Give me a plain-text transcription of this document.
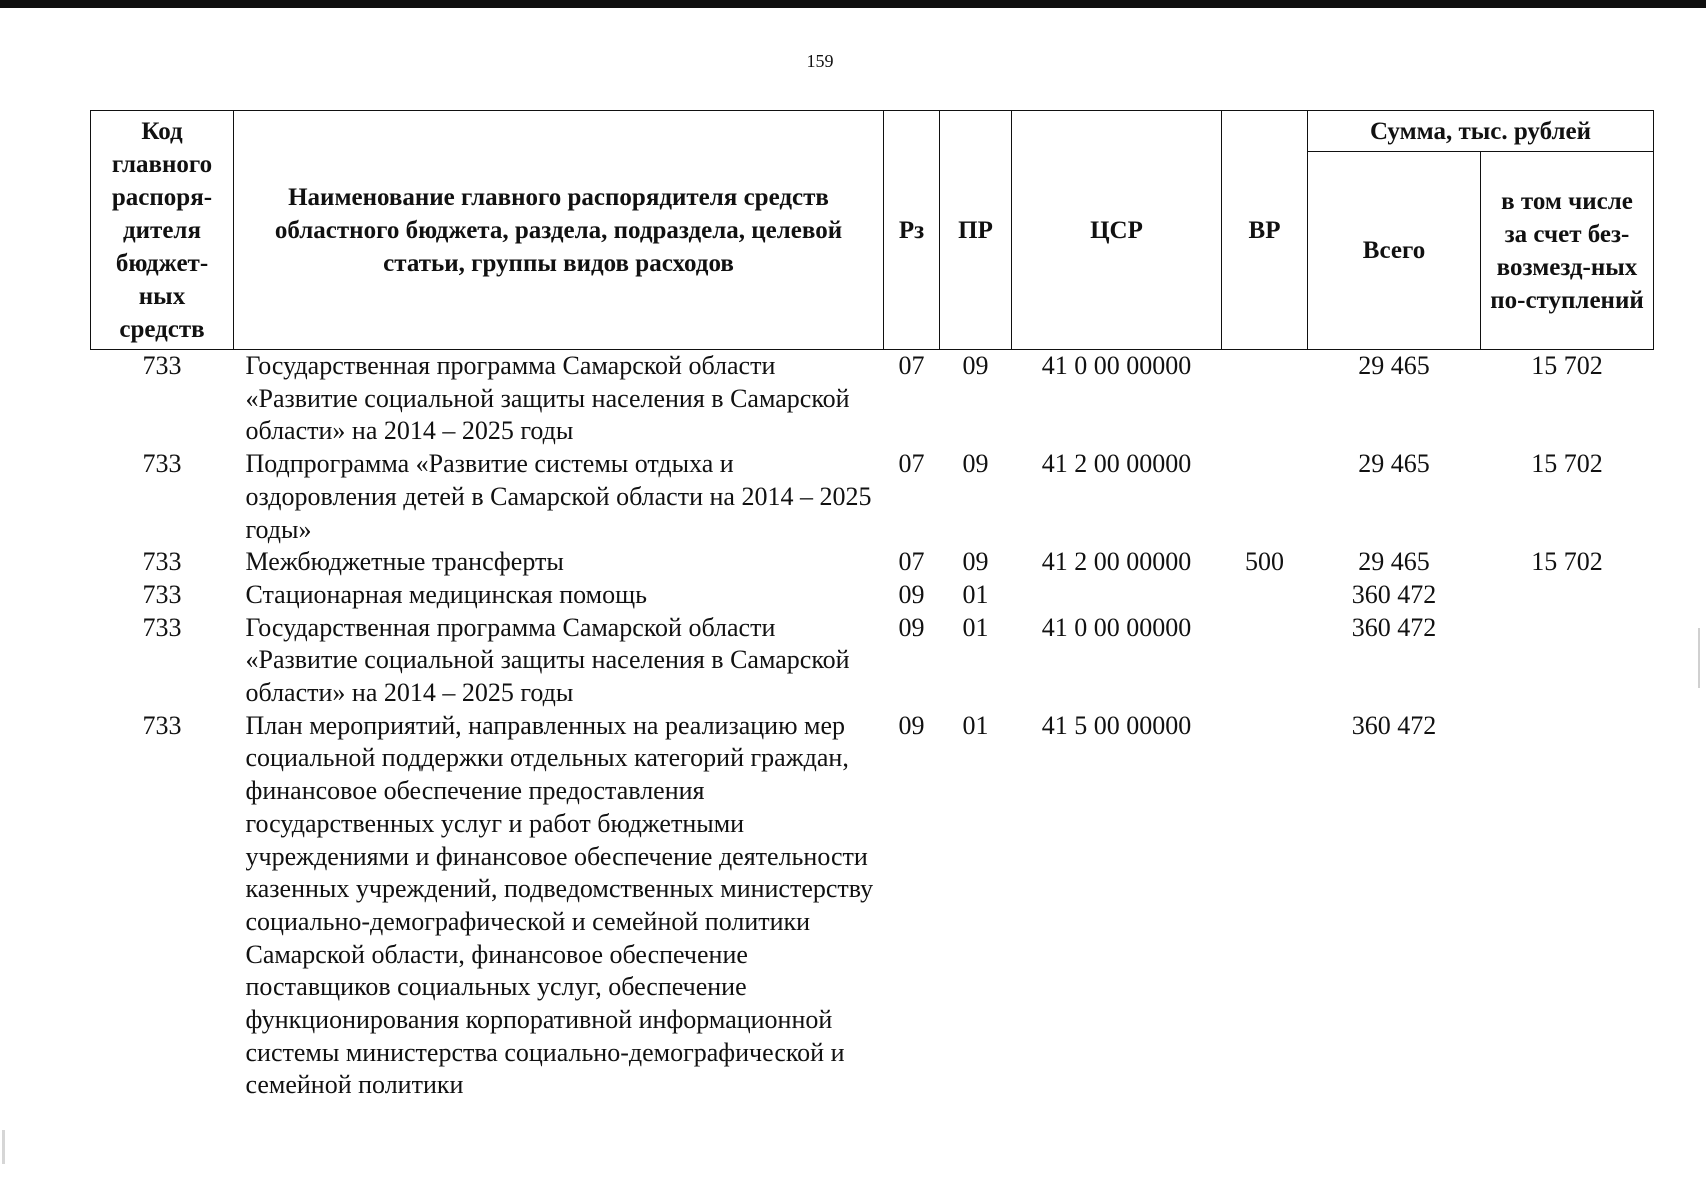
159
Код главного распоря-дителя бюджет-ных средств	Наименование главного распорядителя средств областного бюджета, раздела, подраздела, целевой статьи, группы видов расходов	Рз	ПР	ЦСР	ВР	Сумма, тыс. рублей	
						Всего	в том числе за счет без-возмезд-ных по-ступлений
733	Государственная программа Самарской области «Развитие социальной защиты населения в Самарской области» на 2014 – 2025 годы	07	09	41 0 00 00000		29 465	15 702
733	Подпрограмма «Развитие системы отдыха и оздоровления детей в Самарской области на 2014 – 2025 годы»	07	09	41 2 00 00000		29 465	15 702
733	Межбюджетные трансферты	07	09	41 2 00 00000	500	29 465	15 702
733	Стационарная медицинская помощь	09	01			360 472	
733	Государственная программа Самарской области «Развитие социальной защиты населения в Самарской области» на 2014 – 2025 годы	09	01	41 0 00 00000		360 472	
733	План мероприятий, направленных на реализацию мер социальной поддержки отдельных категорий граждан, финансовое обеспечение предоставления государственных услуг и работ бюджетными учреждениями и финансовое обеспечение деятельности казенных учреждений, подведомственных министерству социально-демографической и семейной политики Самарской области, финансовое обеспечение поставщиков социальных услуг, обеспечение функционирования корпоративной информационной системы министерства социально-демографической и семейной политики	09	01	41 5 00 00000		360 472	
